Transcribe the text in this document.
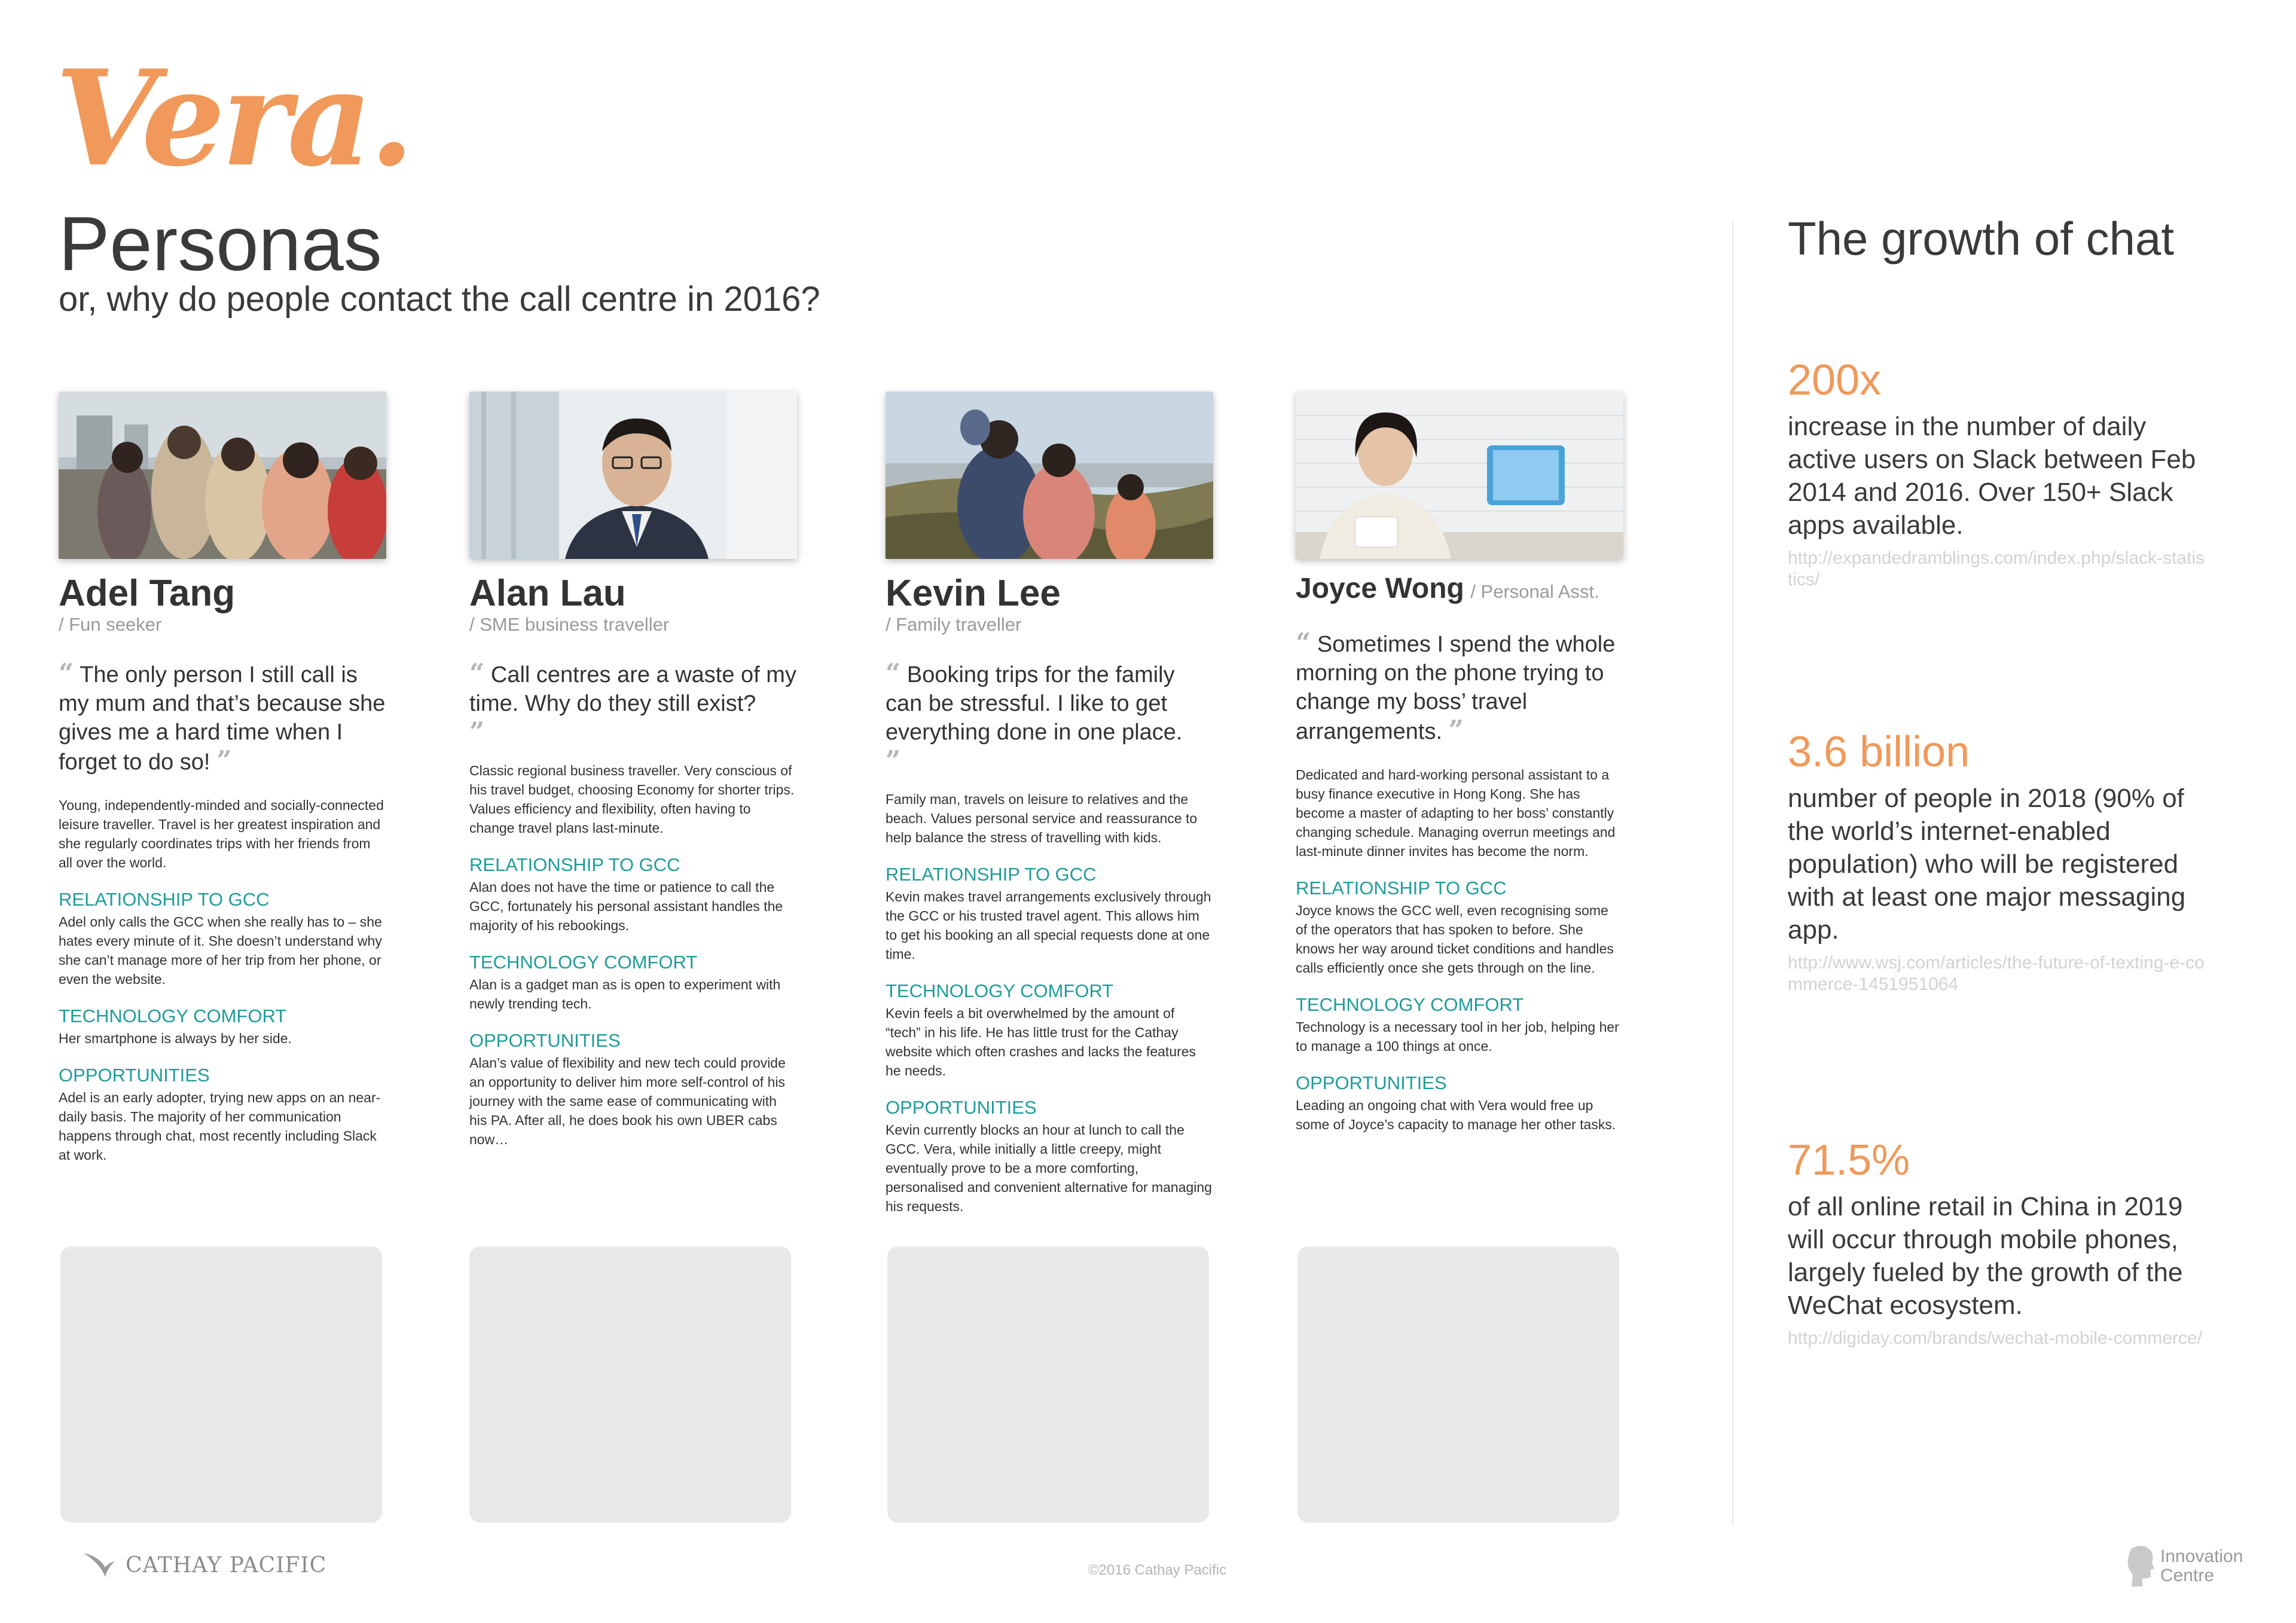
Vera.
Personas
or, why do people contact the call centre in 2016?
Adel Tang
/ Fun seeker
“ The only person I still call is my mum and that’s because she gives me a hard time when I forget to do so! ”
Young, independently-minded and socially-connected leisure traveller. Travel is her greatest inspiration and she regularly coordinates trips with her friends from all over the world.
RELATIONSHIP TO GCC
Adel only calls the GCC when she really has to – she hates every minute of it. She doesn’t understand why she can’t manage more of her trip from her phone, or even the website.
TECHNOLOGY COMFORT
Her smartphone is always by her side.
OPPORTUNITIES
Adel is an early adopter, trying new apps on an near-daily basis. The majority of her communication happens through chat, most recently including Slack at work.
Alan Lau
/ SME business traveller
“ Call centres are a waste of my time. Why do they still exist?
”
Classic regional business traveller. Very conscious of his travel budget, choosing Economy for shorter trips. Values efficiency and flexibility, often having to change travel plans last-minute.
RELATIONSHIP TO GCC
Alan does not have the time or patience to call the GCC, fortunately his personal assistant handles the majority of his rebookings.
TECHNOLOGY COMFORT
Alan is a gadget man as is open to experiment with newly trending tech.
OPPORTUNITIES
Alan’s value of flexibility and new tech could provide an opportunity to deliver him more self-control of his journey with the same ease of communicating with his PA. After all, he does book his own UBER cabs now…
Kevin Lee
/ Family traveller
“ Booking trips for the family can be stressful. I like to get everything done in one place.
”
Family man, travels on leisure to relatives and the beach. Values personal service and reassurance to help balance the stress of travelling with kids.
RELATIONSHIP TO GCC
Kevin makes travel arrangements exclusively through the GCC or his trusted travel agent. This allows him to get his booking an all special requests done at one time.
TECHNOLOGY COMFORT
Kevin feels a bit overwhelmed by the amount of “tech” in his life. He has little trust for the Cathay website which often crashes and lacks the features he needs.
OPPORTUNITIES
Kevin currently blocks an hour at lunch to call the GCC. Vera, while initially a little creepy, might eventually prove to be a more comforting, personalised and convenient alternative for managing his requests.
Joyce Wong / Personal Asst.
“ Sometimes I spend the whole morning on the phone trying to change my boss’ travel arrangements. ”
Dedicated and hard-working personal assistant to a busy finance executive in Hong Kong. She has become a master of adapting to her boss’ constantly changing schedule. Managing overrun meetings and last-minute dinner invites has become the norm.
RELATIONSHIP TO GCC
Joyce knows the GCC well, even recognising some of the operators that has spoken to before. She knows her way around ticket conditions and handles calls efficiently once she gets through on the line.
TECHNOLOGY COMFORT
Technology is a necessary tool in her job, helping her to manage a 100 things at once.
OPPORTUNITIES
Leading an ongoing chat with Vera would free up some of Joyce’s capacity to manage her other tasks.
The growth of chat
200x
increase in the number of daily active users on Slack between Feb 2014 and 2016. Over 150+ Slack apps available.
http://expandedramblings.com/index.php/slack-statistics/
3.6 billion
number of people in 2018 (90% of the world’s internet-enabled population) who will be registered with at least one major messaging app.
http://www.wsj.com/articles/the-future-of-texting-e-commerce-1451951064
71.5%
of all online retail in China in 2019 will occur through mobile phones, largely fueled by the growth of the WeChat ecosystem.
http://digiday.com/brands/wechat-mobile-commerce/
CATHAY PACIFIC	©2016 Cathay Pacific
Innovation
Centre
